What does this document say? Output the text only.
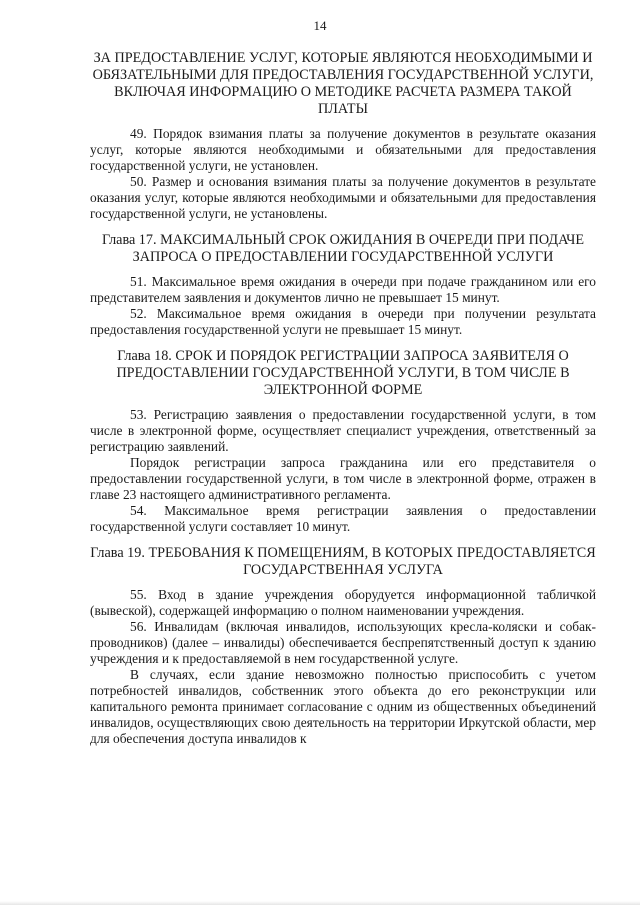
14

ЗА ПРЕДОСТАВЛЕНИЕ УСЛУГ, КОТОРЫЕ ЯВЛЯЮТСЯ НЕОБХОДИМЫМИ И ОБЯЗАТЕЛЬНЫМИ ДЛЯ ПРЕДОСТАВЛЕНИЯ ГОСУДАРСТВЕННОЙ УСЛУГИ, ВКЛЮЧАЯ ИНФОРМАЦИЮ О МЕТОДИКЕ РАСЧЕТА РАЗМЕРА ТАКОЙ ПЛАТЫ

49. Порядок взимания платы за получение документов в результате оказания услуг, которые являются необходимыми и обязательными для предоставления государственной услуги, не установлен.

50. Размер и основания взимания платы за получение документов в результате оказания услуг, которые являются необходимыми и обязательными для предоставления государственной услуги, не установлены.

Глава 17. МАКСИМАЛЬНЫЙ СРОК ОЖИДАНИЯ В ОЧЕРЕДИ ПРИ ПОДАЧЕ ЗАПРОСА О ПРЕДОСТАВЛЕНИИ ГОСУДАРСТВЕННОЙ УСЛУГИ

51. Максимальное время ожидания в очереди при подаче гражданином или его представителем заявления и документов лично не превышает 15 минут.

52. Максимальное время ожидания в очереди при получении результата предоставления государственной услуги не превышает 15 минут.

Глава 18. СРОК И ПОРЯДОК РЕГИСТРАЦИИ ЗАПРОСА ЗАЯВИТЕЛЯ О ПРЕДОСТАВЛЕНИИ ГОСУДАРСТВЕННОЙ УСЛУГИ, В ТОМ ЧИСЛЕ В ЭЛЕКТРОННОЙ ФОРМЕ

53. Регистрацию заявления о предоставлении государственной услуги, в том числе в электронной форме, осуществляет специалист учреждения, ответственный за регистрацию заявлений.

Порядок регистрации запроса гражданина или его представителя о предоставлении государственной услуги, в том числе в электронной форме, отражен в главе 23 настоящего административного регламента.

54. Максимальное время регистрации заявления о предоставлении государственной услуги составляет 10 минут.

Глава 19. ТРЕБОВАНИЯ К ПОМЕЩЕНИЯМ, В КОТОРЫХ ПРЕДОСТАВЛЯЕТСЯ ГОСУДАРСТВЕННАЯ УСЛУГА

55. Вход в здание учреждения оборудуется информационной табличкой (вывеской), содержащей информацию о полном наименовании учреждения.

56. Инвалидам (включая инвалидов, использующих кресла-коляски и собак-проводников) (далее – инвалиды) обеспечивается беспрепятственный доступ к зданию учреждения и к предоставляемой в нем государственной услуге.

В случаях, если здание невозможно полностью приспособить с учетом потребностей инвалидов, собственник этого объекта до его реконструкции или капитального ремонта принимает согласование с одним из общественных объединений инвалидов, осуществляющих свою деятельность на территории Иркутской области, мер для обеспечения доступа инвалидов к
